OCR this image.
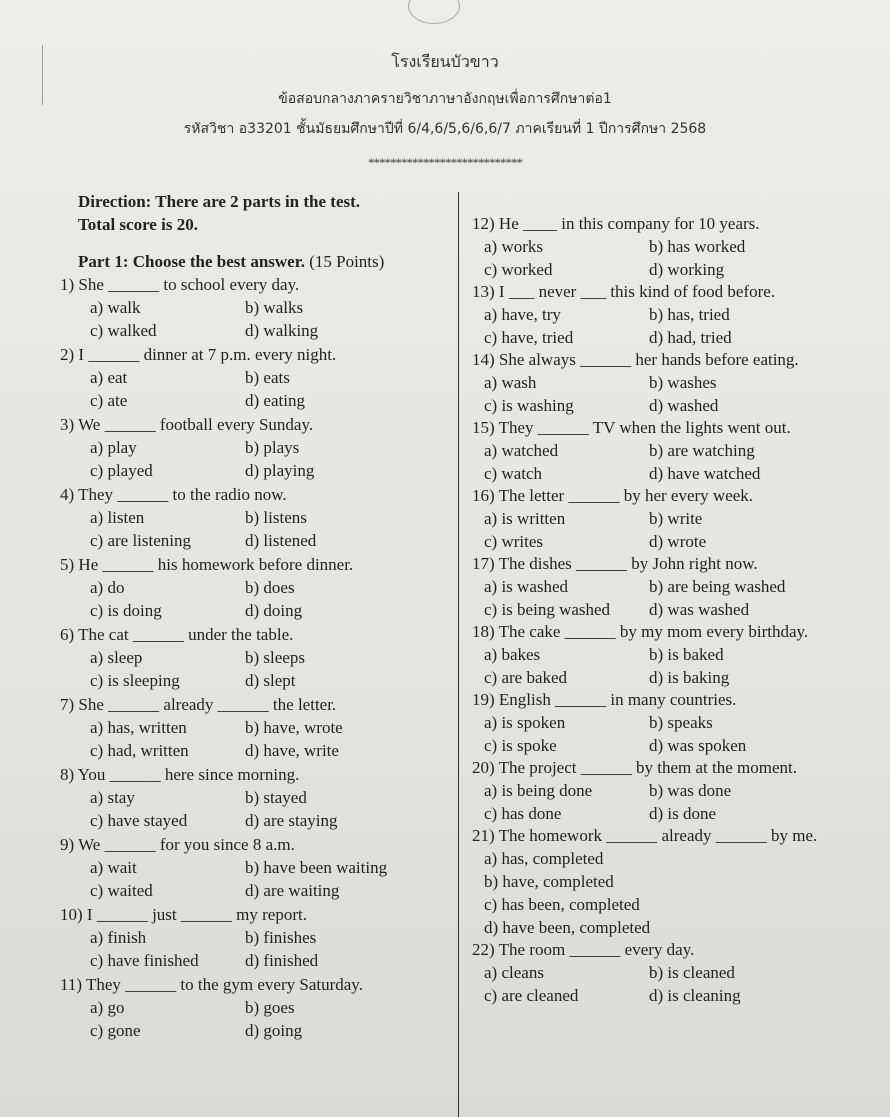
โรงเรียนบัวขาว
ข้อสอบกลางภาครายวิชาภาษาอังกฤษเพื่อการศึกษาต่อ1
รหัสวิชา อ33201 ชั้นมัธยมศึกษาปีที่ 6/4,6/5,6/6,6/7 ภาคเรียนที่ 1 ปีการศึกษา 2568
****************************
Direction: There are 2 parts in the test.
Total score is 20.
Part 1: Choose the best answer. (15 Points)
1) She ______ to school every day.
a) walk	b) walks
c) walked	d) walking
2) I ______ dinner at 7 p.m. every night.
a) eat	b) eats
c) ate	d) eating
3) We ______ football every Sunday.
a) play	b) plays
c) played	d) playing
4) They ______ to the radio now.
a) listen	b) listens
c) are listening	d) listened
5) He ______ his homework before dinner.
a) do	b) does
c) is doing	d) doing
6) The cat ______ under the table.
a) sleep	b) sleeps
c) is sleeping	d) slept
7) She ______ already ______ the letter.
a) has, written	b) have, wrote
c) had, written	d) have, write
8) You ______ here since morning.
a) stay	b) stayed
c) have stayed	d) are staying
9) We ______ for you since 8 a.m.
a) wait	b) have been waiting
c) waited	d) are waiting
10) I ______ just ______ my report.
a) finish	b) finishes
c) have finished	d) finished
11) They ______ to the gym every Saturday.
a) go	b) goes
c) gone	d) going
12) He ____ in this company for 10 years.
a) works	b) has worked
c) worked	d) working
13) I ___ never ___ this kind of food before.
a) have, try	b) has, tried
c) have, tried	d) had, tried
14) She always ______ her hands before eating.
a) wash	b) washes
c) is washing	d) washed
15) They ______ TV when the lights went out.
a) watched	b) are watching
c) watch	d) have watched
16) The letter ______ by her every week.
a) is written	b) write
c) writes	d) wrote
17) The dishes ______ by John right now.
a) is washed	b) are being washed
c) is being washed	d) was washed
18) The cake ______ by my mom every birthday.
a) bakes	b) is baked
c) are baked	d) is baking
19) English ______ in many countries.
a) is spoken	b) speaks
c) is spoke	d) was spoken
20) The project ______ by them at the moment.
a) is being done	b) was done
c) has done	d) is done
21) The homework ______ already ______ by me.
a) has, completed
b) have, completed
c) has been, completed
d) have been, completed
22) The room ______ every day.
a) cleans	b) is cleaned
c) are cleaned	d) is cleaning
